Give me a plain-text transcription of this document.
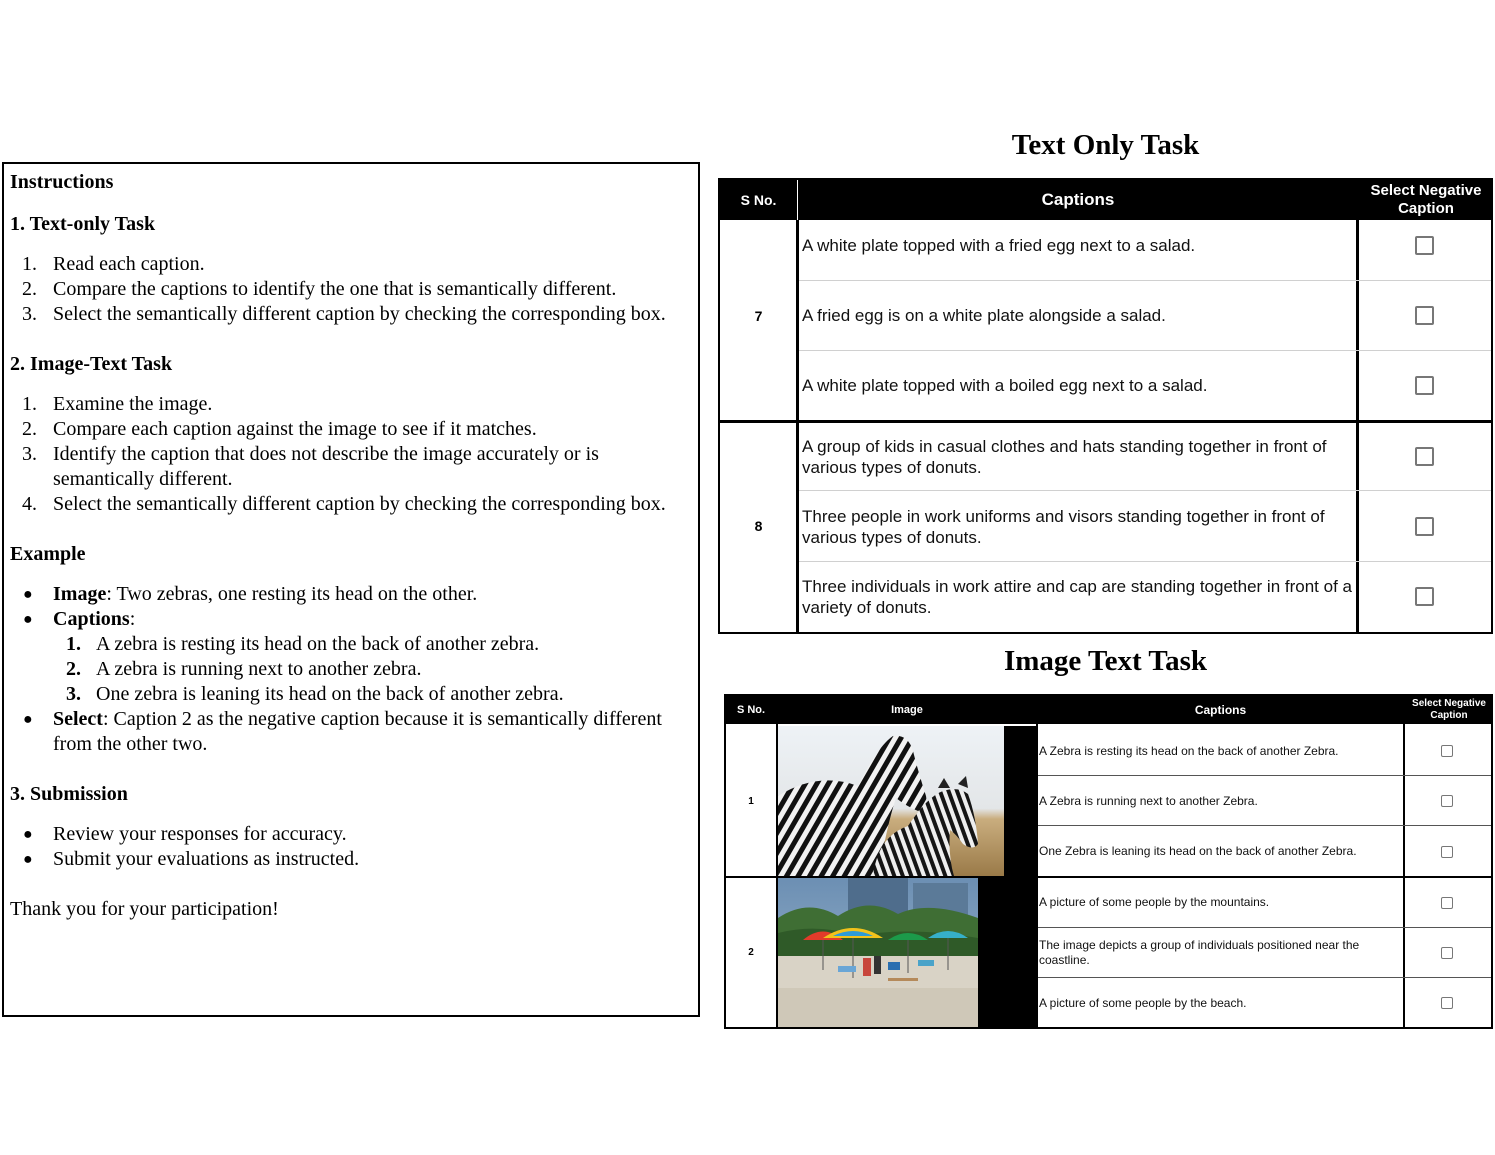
Instructions
1. Text-only Task
1. Read each caption.
2. Compare the captions to identify the one that is semantically different.
3. Select the semantically different caption by checking the corresponding box.
2. Image-Text Task
1. Examine the image.
2. Compare each caption against the image to see if it matches.
3. Identify the caption that does not describe the image accurately or is semantically different.
4. Select the semantically different caption by checking the corresponding box.
Example
● Image: Two zebras, one resting its head on the other.
● Captions:
1. A zebra is resting its head on the back of another zebra.
2. A zebra is running next to another zebra.
3. One zebra is leaning its head on the back of another zebra.
● Select: Caption 2 as the negative caption because it is semantically different from the other two.
3. Submission
● Review your responses for accuracy.
● Submit your evaluations as instructed.
Thank you for your participation!
Text Only Task
S No.	Captions	Select Negative Caption
7
A white plate topped with a fried egg next to a salad.
A fried egg is on a white plate alongside a salad.
A white plate topped with a boiled egg next to a salad.
8
A group of kids in casual clothes and hats standing together in front of various types of donuts.
Three people in work uniforms and visors standing together in front of various types of donuts.
Three individuals in work attire and cap are standing together in front of a variety of donuts.
Image Text Task
S No.	Image	Captions	Select Negative Caption
1
A Zebra is resting its head on the back of another Zebra.
A Zebra is running next to another Zebra.
One Zebra is leaning its head on the back of another Zebra.
2
A picture of some people by the mountains.
The image depicts a group of individuals positioned near the coastline.
A picture of some people by the beach.
